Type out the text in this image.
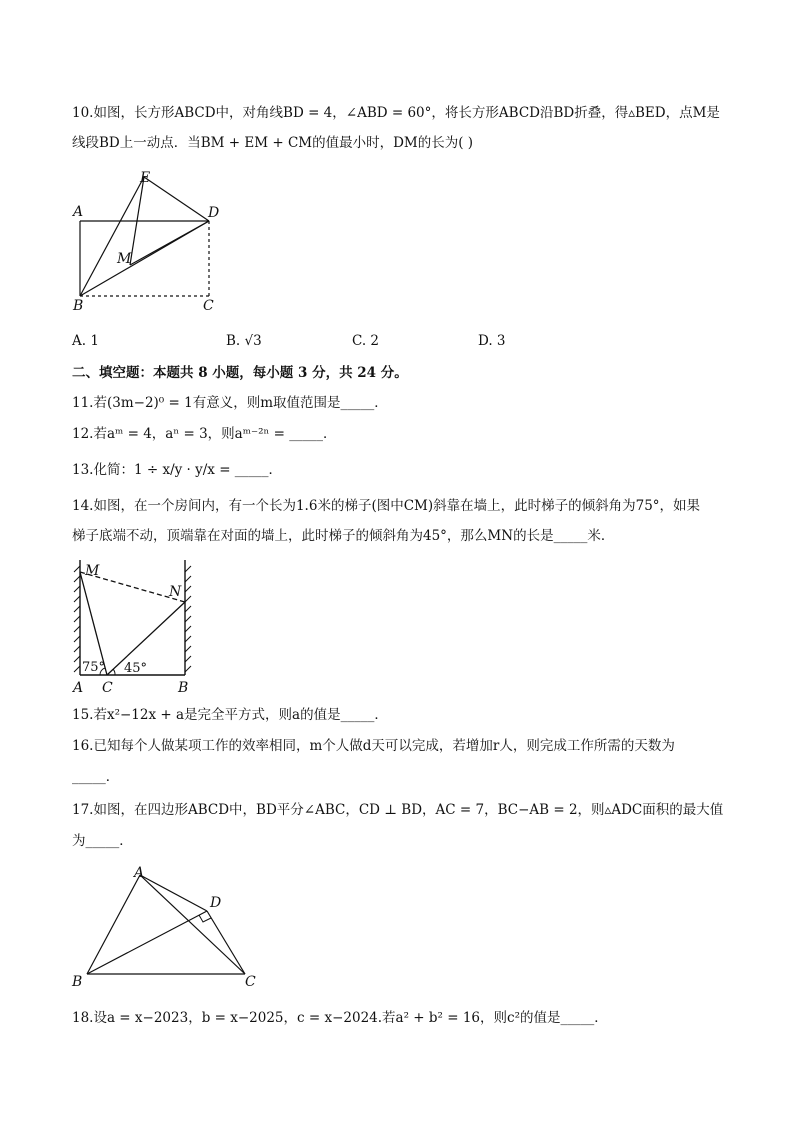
10.如图，长方形ABCD中，对角线BD = 4，∠ABD = 60°，将长方形ABCD沿BD折叠，得▵BED，点M是
线段BD上一动点．当BM + EM + CM的值最小时，DM的长为( )
E
A	D
M
B	C
A. 1	B. √3	C. 2	D. 3
二、填空题：本题共 8 小题，每小题 3 分，共 24 分。
11.若(3m−2)⁰ = 1有意义，则m取值范围是_____．
12.若aᵐ = 4，aⁿ = 3，则aᵐ⁻²ⁿ = _____．
13.化简：1 ÷ x/y · y/x = _____．
14.如图，在一个房间内，有一个长为1.6米的梯子(图中CM)斜靠在墙上，此时梯子的倾斜角为75°，如果
梯子底端不动，顶端靠在对面的墙上，此时梯子的倾斜角为45°，那么MN的长是_____米．
M
N
75° 45°
A C	B
15.若x²−12x + a是完全平方式，则a的值是_____．
16.已知每个人做某项工作的效率相同，m个人做d天可以完成，若增加r人，则完成工作所需的天数为
_____．
17.如图，在四边形ABCD中，BD平分∠ABC，CD ⊥ BD，AC = 7，BC−AB = 2，则▵ADC面积的最大值
为_____．
A
D
B	C
18.设a = x−2023，b = x−2025，c = x−2024.若a² + b² = 16，则c²的值是_____．
